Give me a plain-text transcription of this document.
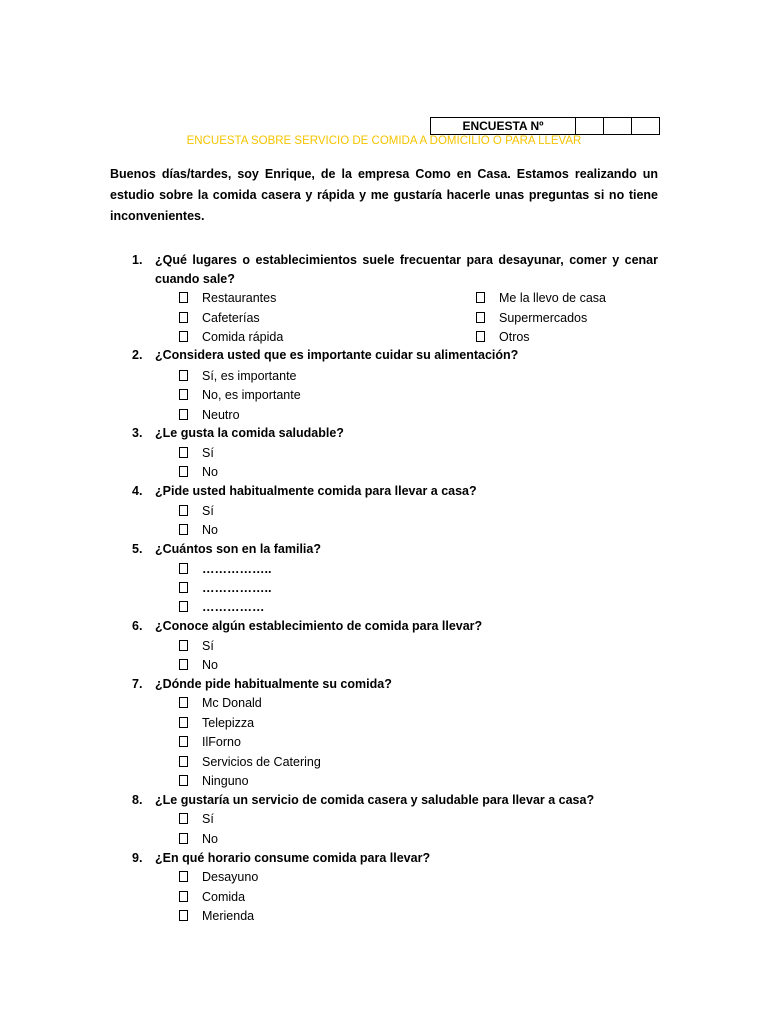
ENCUESTA Nº			
ENCUESTA SOBRE SERVICIO DE COMIDA A DOMICILIO O PARA LLEVAR

Buenos días/tardes, soy Enrique, de la empresa Como en Casa. Estamos realizando un estudio sobre la comida casera y rápida y me gustaría hacerle unas preguntas si no tiene inconvenientes.

1. ¿Qué lugares o establecimientos suele frecuentar para desayunar, comer y cenar cuando sale?
Restaurantes
Cafeterías
Comida rápida
Me la llevo de casa
Supermercados
Otros
2. ¿Considera usted que es importante cuidar su alimentación?
Sí, es importante
No, es importante
Neutro
3. ¿Le gusta la comida saludable?
Sí
No
4. ¿Pide usted habitualmente comida para llevar a casa?
Sí
No
5. ¿Cuántos son en la familia?
……………..
……………..
……………
6. ¿Conoce algún establecimiento de comida para llevar?
Sí
No
7. ¿Dónde pide habitualmente su comida?
Mc Donald
Telepizza
IlForno
Servicios de Catering
Ninguno
8. ¿Le gustaría un servicio de comida casera y saludable para llevar a casa?
Sí
No
9. ¿En qué horario consume comida para llevar?
Desayuno
Comida
Merienda
